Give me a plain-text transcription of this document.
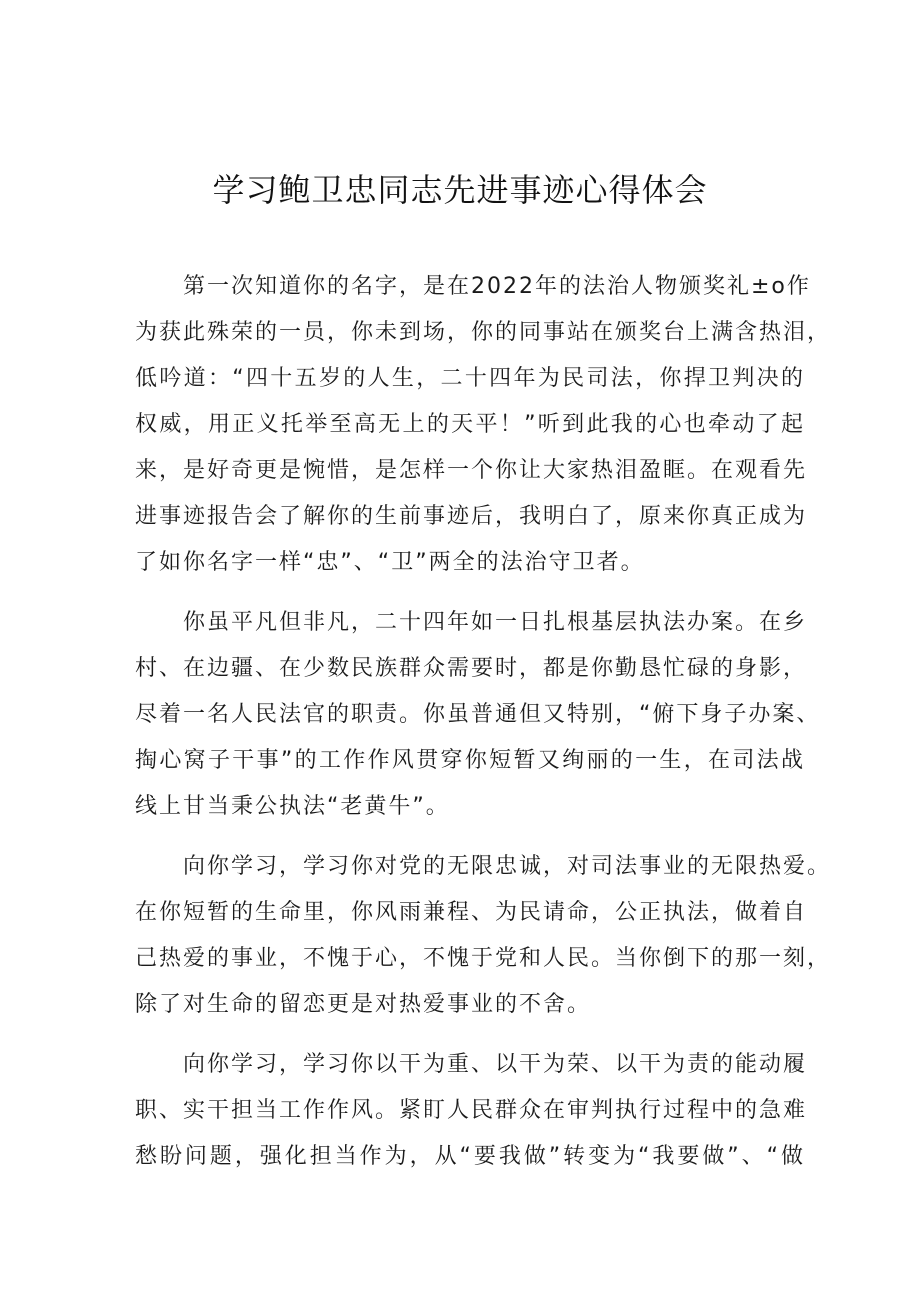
学习鲍卫忠同志先进事迹心得体会
第一次知道你的名字，是在2022年的法治人物颁奖礼±o作
为获此殊荣的一员，你未到场，你的同事站在颁奖台上满含热泪，
低吟道：“四十五岁的人生，二十四年为民司法，你捍卫判决的
权威，用正义托举至高无上的天平！”听到此我的心也牵动了起
来，是好奇更是惋惜，是怎样一个你让大家热泪盈眶。在观看先
进事迹报告会了解你的生前事迹后，我明白了，原来你真正成为
了如你名字一样“忠”、“卫”两全的法治守卫者。
你虽平凡但非凡，二十四年如一日扎根基层执法办案。在乡
村、在边疆、在少数民族群众需要时，都是你勤恳忙碌的身影，
尽着一名人民法官的职责。你虽普通但又特别，“俯下身子办案、
掏心窝子干事”的工作作风贯穿你短暂又绚丽的一生，在司法战
线上甘当秉公执法“老黄牛”。
向你学习，学习你对党的无限忠诚，对司法事业的无限热爱。
在你短暂的生命里，你风雨兼程、为民请命，公正执法，做着自
己热爱的事业，不愧于心，不愧于党和人民。当你倒下的那一刻，
除了对生命的留恋更是对热爱事业的不舍。
向你学习，学习你以干为重、以干为荣、以干为责的能动履
职、实干担当工作作风。紧盯人民群众在审判执行过程中的急难
愁盼问题，强化担当作为，从“要我做”转变为“我要做”、“做
